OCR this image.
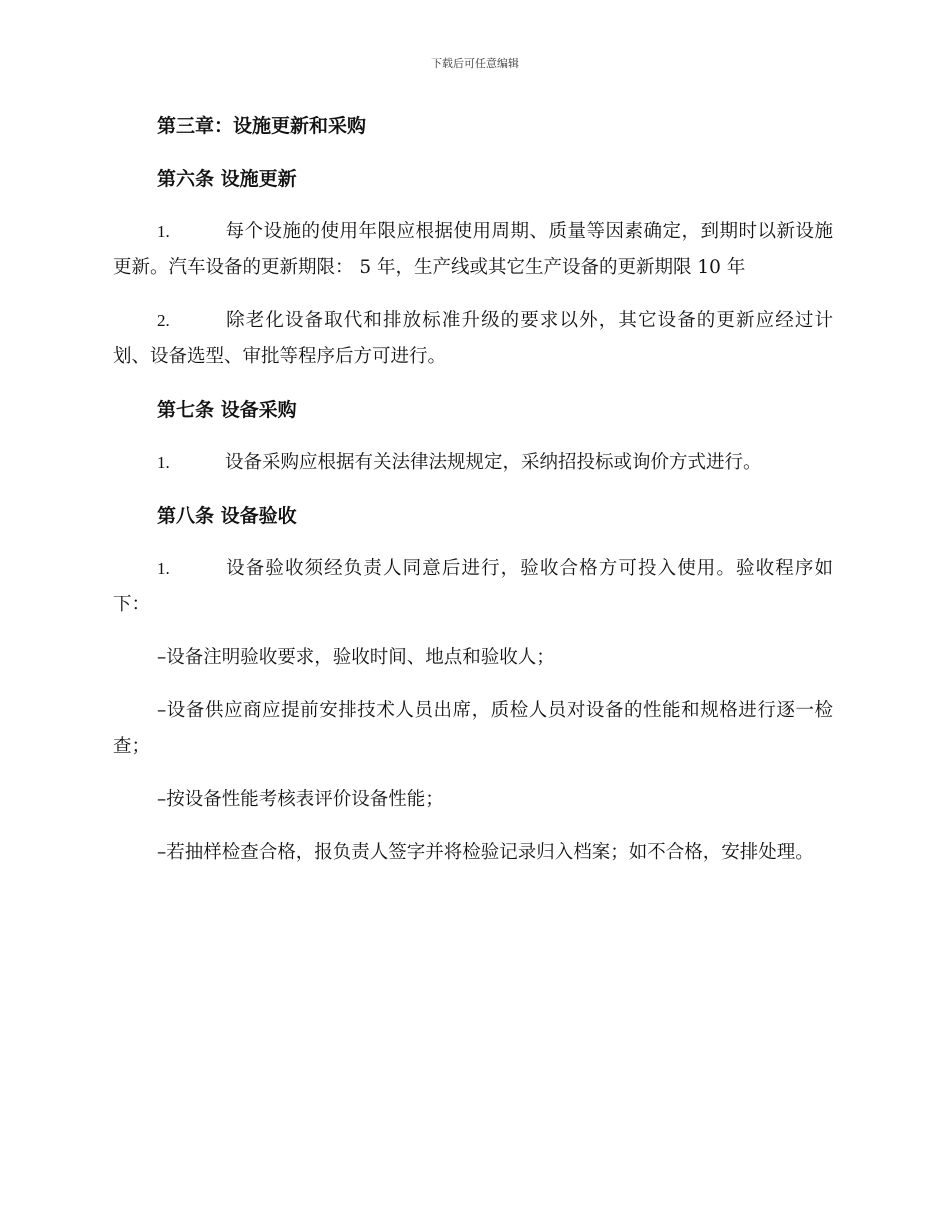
下载后可任意编辑
第三章：设施更新和采购
第六条 设施更新
1.	每个设施的使用年限应根据使用周期、质量等因素确定，到期时以新设施更新。汽车设备的更新期限： 5 年，生产线或其它生产设备的更新期限 10 年
2.	除老化设备取代和排放标准升级的要求以外，其它设备的更新应经过计划、设备选型、审批等程序后方可进行。
第七条 设备采购
1.	设备采购应根据有关法律法规规定，采纳招投标或询价方式进行。
第八条 设备验收
1.	设备验收须经负责人同意后进行，验收合格方可投入使用。验收程序如下：
–设备注明验收要求，验收时间、地点和验收人；
–设备供应商应提前安排技术人员出席，质检人员对设备的性能和规格进行逐一检查；
–按设备性能考核表评价设备性能；
–若抽样检查合格，报负责人签字并将检验记录归入档案；如不合格，安排处理。
